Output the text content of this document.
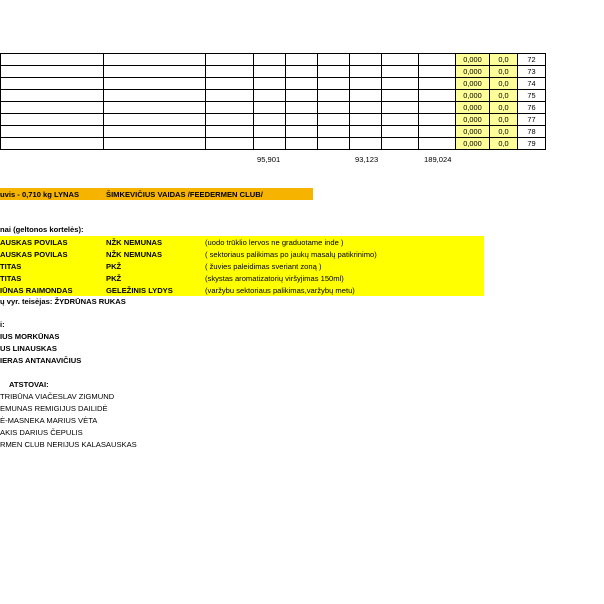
									0,000	0,0	72
									0,000	0,0	73
									0,000	0,0	74
									0,000	0,0	75
									0,000	0,0	76
									0,000	0,0	77
									0,000	0,0	78
									0,000	0,0	79
95,901	93,123	189,024
uvis - 0,710 kg LYNAS	ŠIMKEVIČIUS VAIDAS /FEEDERMEN CLUB/
nai (geltonos kortelės):
AUSKAS POVILAS	NŽK NEMUNAS	(uodo trūklio lervos ne graduotame inde )
AUSKAS POVILAS	NŽK NEMUNAS	( sektoriaus palikimas po jaukų masalų patikrinimo)
TITAS	PKŽ	( žuvies paleidimas sveriant zoną )
TITAS	PKŽ	(skystas aromatizatorių viršyjimas 150ml)
IŪNAS RAIMONDAS	GELEŽINIS LYDYS	(varžybu sektoriaus palikimas,varžybų metu)
ų vyr. teisėjas: ŽYDRŪNAS RUKAS
i:
IUS MORKŪNAS
US LINAUSKAS
IERAS ANTANAVIČIUS
ATSTOVAI:
TRIBŪNA VIAČESLAV ZIGMUND
EMUNAS REMIGIJUS DAILIDĖ
Ė-MASNEKA MARIUS VĖTA
AKIS DARIUS ČEPULIS
RMEN CLUB NERIJUS KALASAUSKAS
